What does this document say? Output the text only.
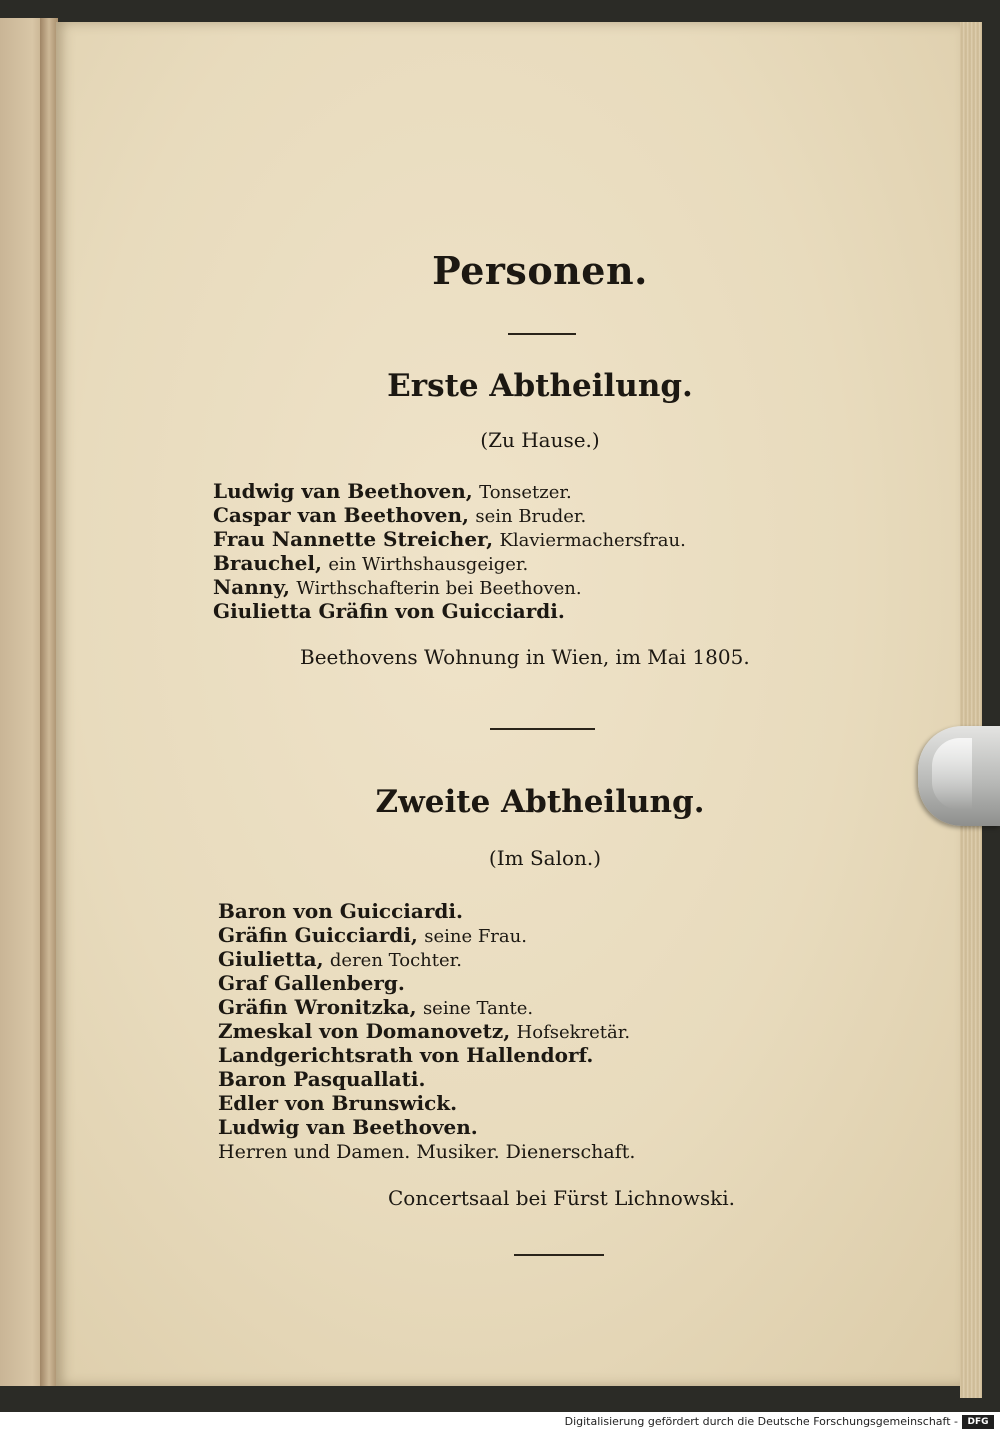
Personen.
Erste Abtheilung.
(Zu Hause.)
Ludwig van Beethoven, Tonsetzer.
Caspar van Beethoven, sein Bruder.
Frau Nannette Streicher, Klaviermachersfrau.
Brauchel, ein Wirthshausgeiger.
Nanny, Wirthschafterin bei Beethoven.
Giulietta Gräfin von Guicciardi.
Beethovens Wohnung in Wien, im Mai 1805.
Zweite Abtheilung.
(Im Salon.)
Baron von Guicciardi.
Gräfin Guicciardi, seine Frau.
Giulietta, deren Tochter.
Graf Gallenberg.
Gräfin Wronitzka, seine Tante.
Zmeskal von Domanovetz, Hofsekretär.
Landgerichtsrath von Hallendorf.
Baron Pasquallati.
Edler von Brunswick.
Ludwig van Beethoven.
Herren und Damen. Musiker. Dienerschaft.
Concertsaal bei Fürst Lichnowski.
Digitalisierung gefördert durch die Deutsche Forschungsgemeinschaft -	DFG
